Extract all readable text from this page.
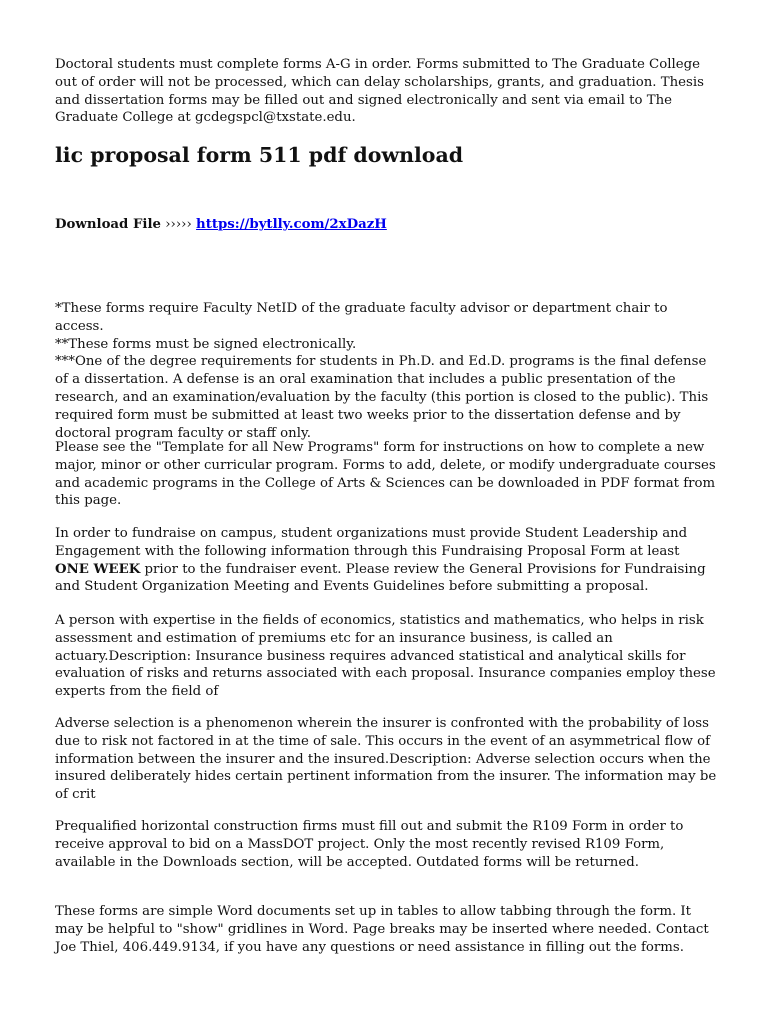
Doctoral students must complete forms A-G in order. Forms submitted to The Graduate College out of order will not be processed, which can delay scholarships, grants, and graduation. Thesis and dissertation forms may be filled out and signed electronically and sent via email to The Graduate College at gcdegspcl@txstate.edu.

lic proposal form 511 pdf download
Download File ››››› https://bytlly.com/2xDazH
*These forms require Faculty NetID of the graduate faculty advisor or department chair to access.
**These forms must be signed electronically.
***One of the degree requirements for students in Ph.D. and Ed.D. programs is the final defense of a dissertation. A defense is an oral examination that includes a public presentation of the research, and an examination/evaluation by the faculty (this portion is closed to the public). This required form must be submitted at least two weeks prior to the dissertation defense and by doctoral program faculty or staff only.

Please see the "Template for all New Programs" form for instructions on how to complete a new major, minor or other curricular program. Forms to add, delete, or modify undergraduate courses and academic programs in the College of Arts & Sciences can be downloaded in PDF format from this page.

In order to fundraise on campus, student organizations must provide Student Leadership and Engagement with the following information through this Fundraising Proposal Form at least ONE WEEK prior to the fundraiser event. Please review the General Provisions for Fundraising and Student Organization Meeting and Events Guidelines before submitting a proposal.

A person with expertise in the fields of economics, statistics and mathematics, who helps in risk assessment and estimation of premiums etc for an insurance business, is called an actuary.Description: Insurance business requires advanced statistical and analytical skills for evaluation of risks and returns associated with each proposal. Insurance companies employ these experts from the field of

Adverse selection is a phenomenon wherein the insurer is confronted with the probability of loss due to risk not factored in at the time of sale. This occurs in the event of an asymmetrical flow of information between the insurer and the insured.Description: Adverse selection occurs when the insured deliberately hides certain pertinent information from the insurer. The information may be of crit

Prequalified horizontal construction firms must fill out and submit the R109 Form in order to receive approval to bid on a MassDOT project. Only the most recently revised R109 Form, available in the Downloads section, will be accepted. Outdated forms will be returned.

These forms are simple Word documents set up in tables to allow tabbing through the form. It may be helpful to "show" gridlines in Word. Page breaks may be inserted where needed. Contact Joe Thiel, 406.449.9134, if you have any questions or need assistance in filling out the forms.
